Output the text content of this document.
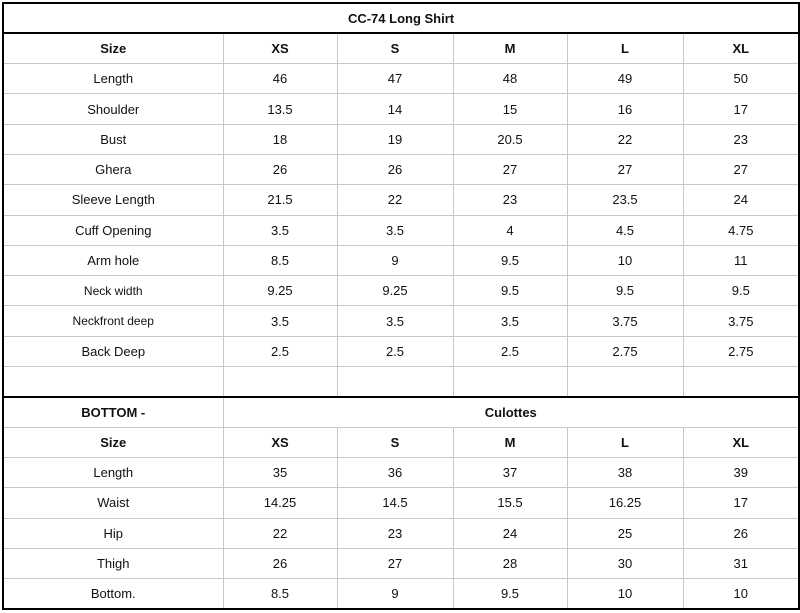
CC-74 Long Shirt					
Size	XS	S	M	L	XL
Length	46	47	48	49	50
Shoulder	13.5	14	15	16	17
Bust	18	19	20.5	22	23
Ghera	26	26	27	27	27
Sleeve Length	21.5	22	23	23.5	24
Cuff Opening	3.5	3.5	4	4.5	4.75
Arm hole	8.5	9	9.5	10	11
Neck width	9.25	9.25	9.5	9.5	9.5
Neckfront deep	3.5	3.5	3.5	3.75	3.75
Back Deep	2.5	2.5	2.5	2.75	2.75

BOTTOM -	Culottes				
Size	XS	S	M	L	XL
Length	35	36	37	38	39
Waist	14.25	14.5	15.5	16.25	17
Hip	22	23	24	25	26
Thigh	26	27	28	30	31
Bottom.	8.5	9	9.5	10	10
